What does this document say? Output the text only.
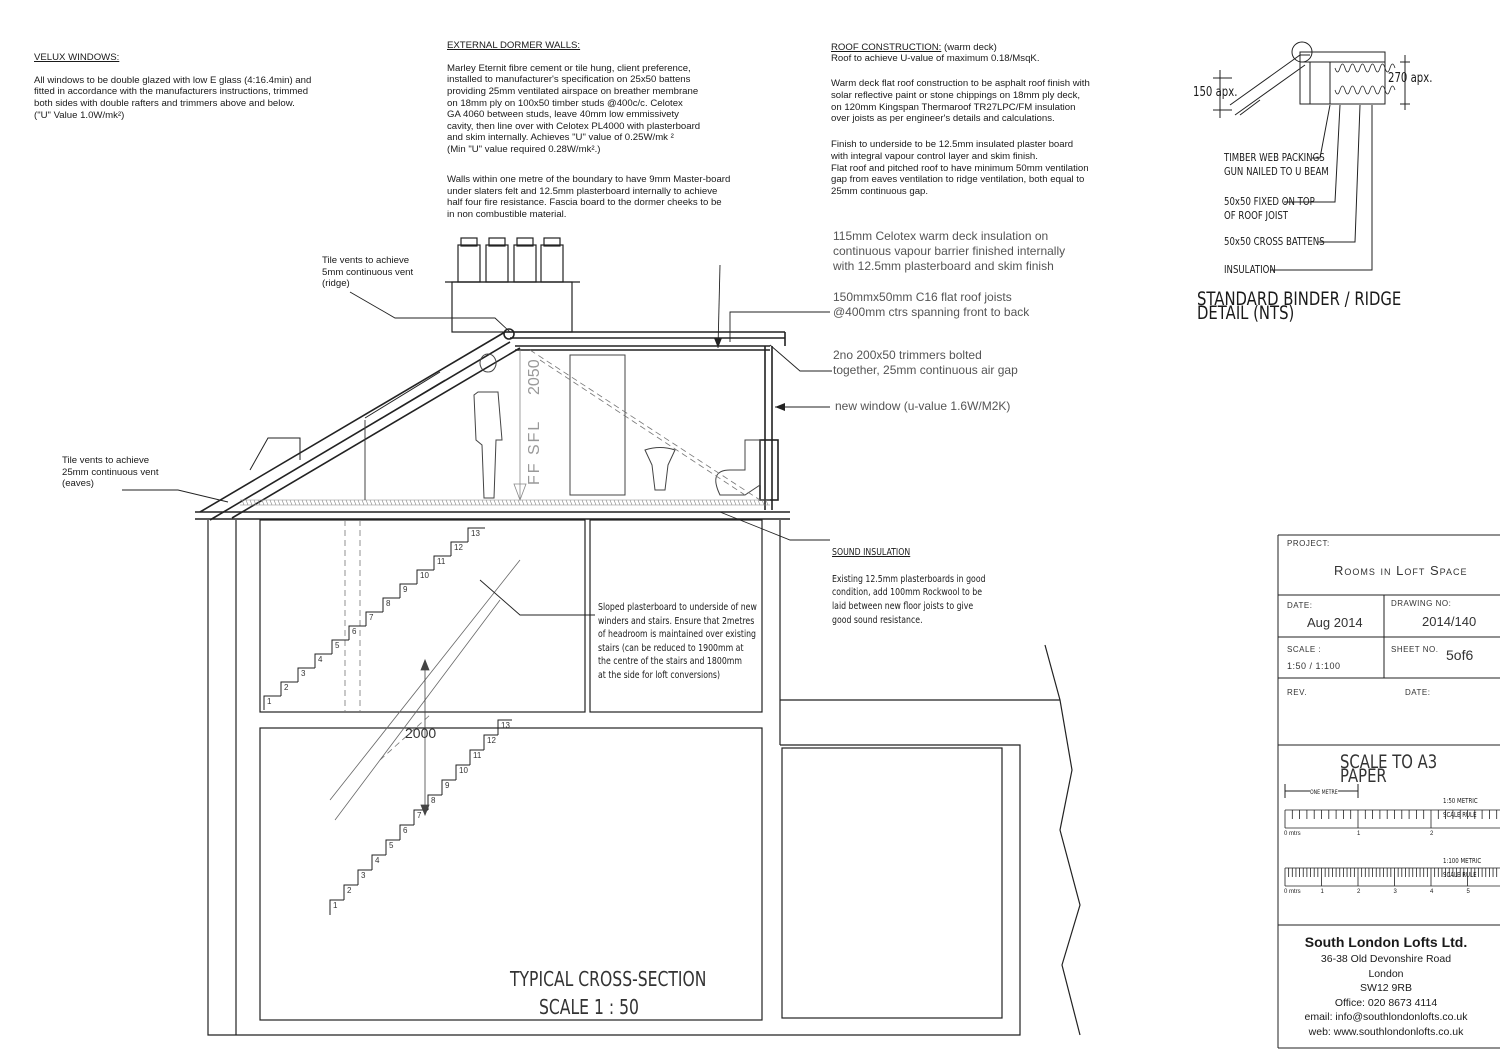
VELUX WINDOWS:

All windows to be double glazed with low E glass (4:16.4min) and
fitted in accordance with the manufacturers instructions, trimmed
both sides with double rafters and trimmers above and below.
("U" Value 1.0W/mk²)

EXTERNAL DORMER WALLS:

Marley Eternit fibre cement or tile hung, client preference,
installed to manufacturer's specification on 25x50 battens
providing 25mm ventilated airspace on breather membrane
on 18mm ply on 100x50 timber studs @400c/c. Celotex
GA 4060 between studs, leave 40mm low emmissivety
cavity, then line over with Celotex PL4000 with plasterboard
and skim internally. Achieves "U" value of 0.25W/mk ²
(Min "U" value required 0.28W/mk².)

Walls within one metre of the boundary to have 9mm Master-board
under slaters felt and 12.5mm plasterboard internally to achieve
half four fire resistance. Fascia board to the dormer cheeks to be
in non combustible material.

ROOF CONSTRUCTION: (warm deck)

Roof to achieve U-value of maximum 0.18/MsqK.

Warm deck flat roof construction to be asphalt roof finish with
solar reflective paint or stone chippings on 18mm ply deck,
on 120mm Kingspan Thermaroof TR27LPC/FM insulation
over joists as per engineer's details and calculations.

Finish to underside to be 12.5mm insulated plaster board
with integral vapour control layer and skim finish.
Flat roof and pitched roof to have minimum 50mm ventilation
gap from eaves ventilation to ridge ventilation, both equal to
25mm continuous gap.

Tile vents to achieve
5mm continuous vent
(ridge)
Tile vents to achieve
25mm continuous vent
(eaves)
115mm Celotex warm deck insulation on
continuous vapour barrier finished internally
with 12.5mm plasterboard and skim finish
150mmx50mm C16 flat roof joists
@400mm ctrs spanning front to back
2no 200x50 trimmers bolted
together, 25mm continuous air gap
new window (u-value 1.6W/M2K)

SOUND INSULATION

Existing 12.5mm plasterboards in good
condition, add 100mm Rockwool to be
laid between new floor joists to give
good sound resistance.

Sloped plasterboard to underside of new
winders and stairs. Ensure that 2metres
of headroom is maintained over existing
stairs (can be reduced to 1900mm at
the centre of the stairs and 1800mm
at the side for loft conversions)
2050
FF SFL
2000
150 apx.
270 apx.
TIMBER WEB PACKINGS
GUN NAILED TO U BEAM
50x50 FIXED ON TOP
OF ROOF JOIST
50x50 CROSS BATTENS
INSULATION
STANDARD BINDER / RIDGE DETAIL (NTS)
TYPICAL CROSS-SECTION
SCALE 1 : 50
PROJECT:
Rooms in Loft Space
DATE:
Aug 2014
DRAWING NO:
2014/140
SCALE :
1:50 / 1:100
SHEET NO. 5of6
REV.	DATE:
SCALE TO A3 PAPER
ONE METRE
1:50 METRIC SCALE RULE
1:100 METRIC SCALE RULE
0 mtrs	1	2
0 mtrs	1	2	3	4	5
South London Lofts Ltd.
36-38 Old Devonshire Road
London
SW12 9RB
Office: 020 8673 4114
email: info@southlondonlofts.co.uk
web: www.southlondonlofts.co.uk
1
2
3
4
5
6
7
8
9
10
11
12
13
1
2
3
4
5
6
7
8
9
10
11
12
13
